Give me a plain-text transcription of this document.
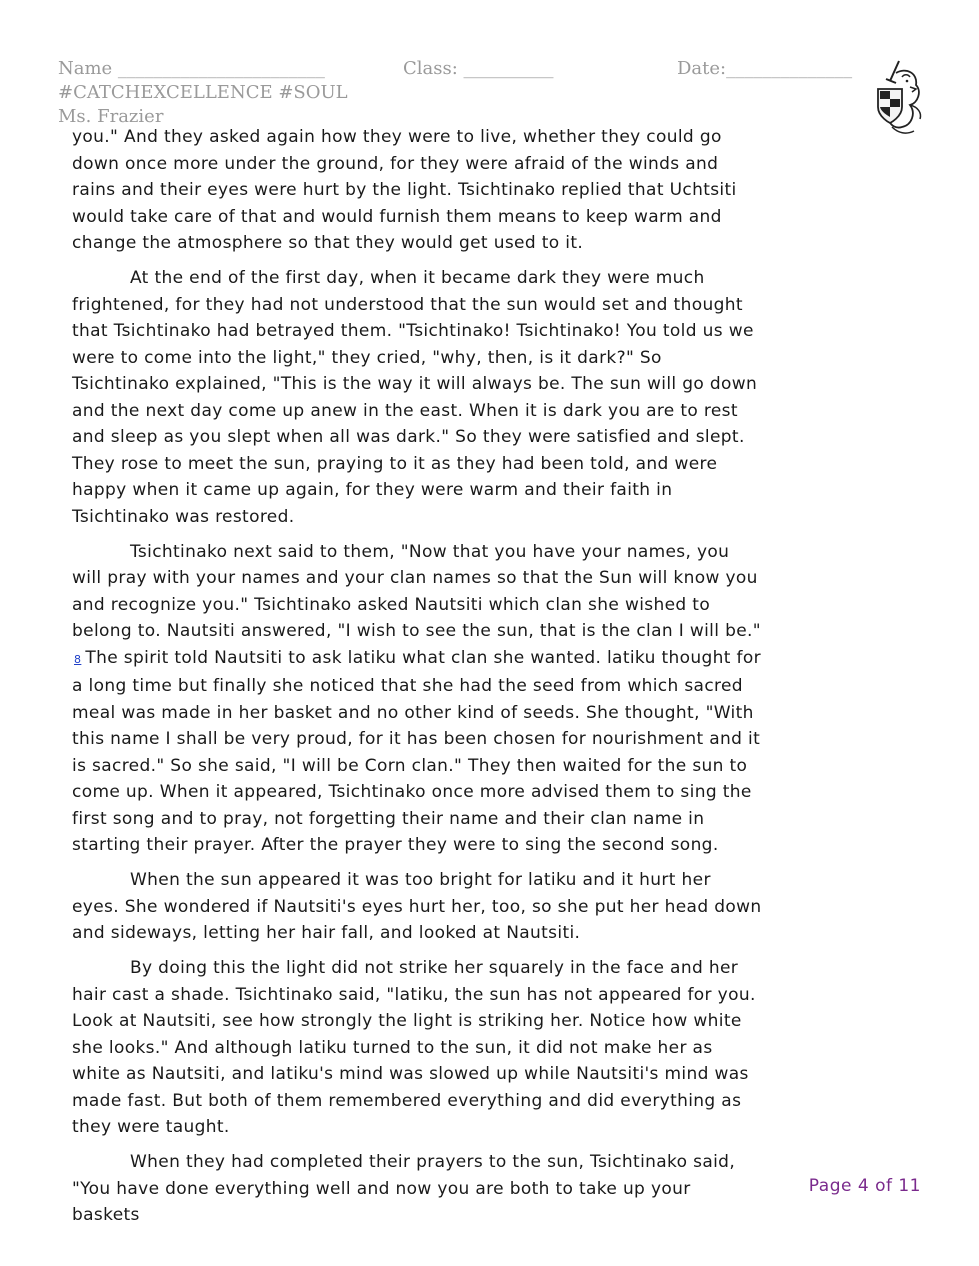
Name _______________________	Class: __________	Date:______________
#CATCHEXCELLENCE #SOUL
Ms. Frazier

you." And they asked again how they were to live, whether they could go down once more under the ground, for they were afraid of the winds and rains and their eyes were hurt by the light. Tsichtinako replied that Uchtsiti would take care of that and would furnish them means to keep warm and change the atmosphere so that they would get used to it.

At the end of the first day, when it became dark they were much frightened, for they had not understood that the sun would set and thought that Tsichtinako had betrayed them. "Tsichtinako! Tsichtinako! You told us we were to come into the light," they cried, "why, then, is it dark?" So Tsichtinako explained, "This is the way it will always be. The sun will go down and the next day come up anew in the east. When it is dark you are to rest and sleep as you slept when all was dark." So they were satisfied and slept. They rose to meet the sun, praying to it as they had been told, and were happy when it came up again, for they were warm and their faith in Tsichtinako was restored.

Tsichtinako next said to them, "Now that you have your names, you will pray with your names and your clan names so that the Sun will know you and recognize you." Tsichtinako asked Nautsiti which clan she wished to belong to. Nautsiti answered, "I wish to see the sun, that is the clan I will be." 8 The spirit told Nautsiti to ask latiku what clan she wanted. latiku thought for a long time but finally she noticed that she had the seed from which sacred meal was made in her basket and no other kind of seeds. She thought, "With this name I shall be very proud, for it has been chosen for nourishment and it is sacred." So she said, "I will be Corn clan." They then waited for the sun to come up. When it appeared, Tsichtinako once more advised them to sing the first song and to pray, not forgetting their name and their clan name in starting their prayer. After the prayer they were to sing the second song.

When the sun appeared it was too bright for latiku and it hurt her eyes. She wondered if Nautsiti's eyes hurt her, too, so she put her head down and sideways, letting her hair fall, and looked at Nautsiti.

By doing this the light did not strike her squarely in the face and her hair cast a shade. Tsichtinako said, "latiku, the sun has not appeared for you. Look at Nautsiti, see how strongly the light is striking her. Notice how white she looks." And although latiku turned to the sun, it did not make her as white as Nautsiti, and latiku's mind was slowed up while Nautsiti's mind was made fast. But both of them remembered everything and did everything as they were taught.

When they had completed their prayers to the sun, Tsichtinako said, "You have done everything well and now you are both to take up your baskets

Page 4 of 11
